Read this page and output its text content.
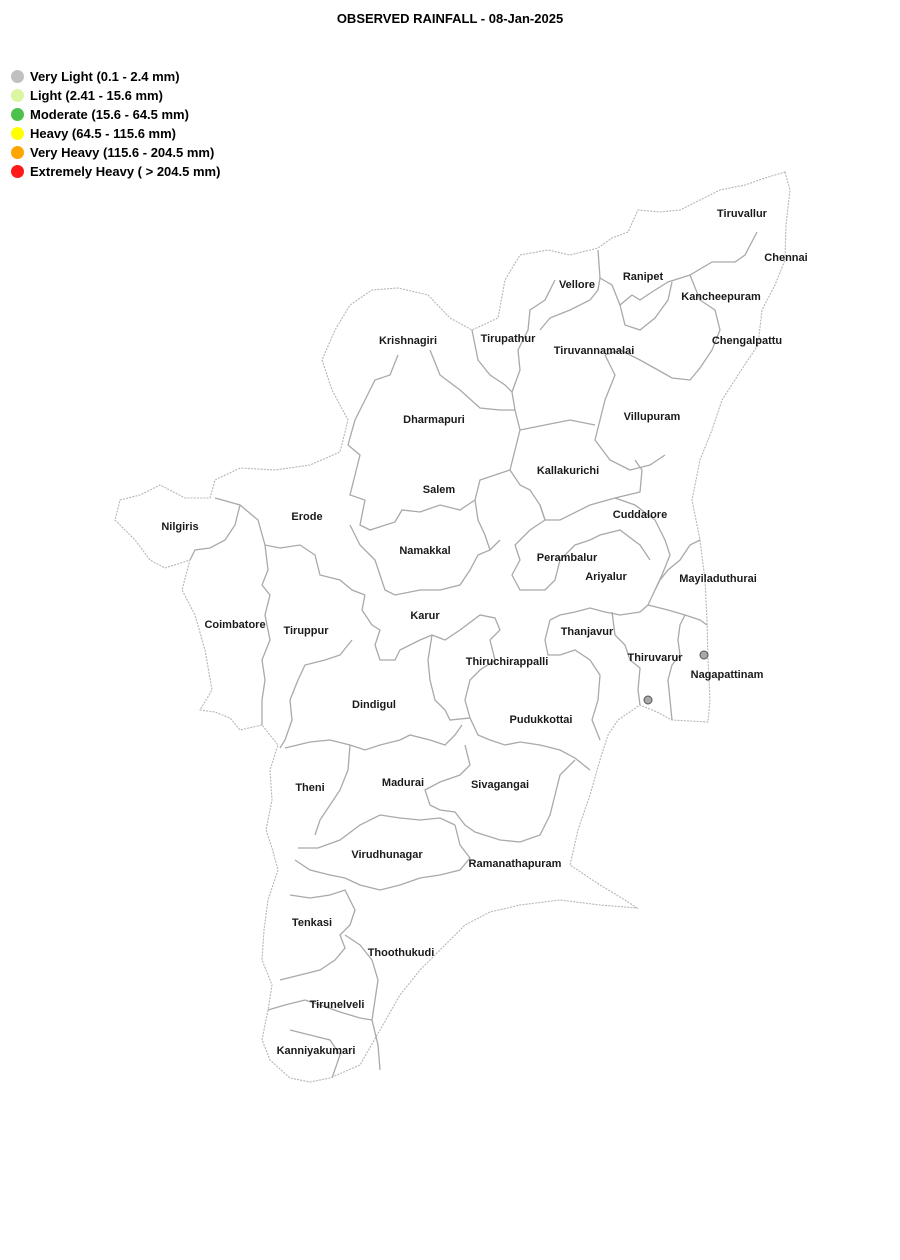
OBSERVED RAINFALL - 08-Jan-2025
Very Light (0.1 - 2.4 mm)
Light (2.41 - 15.6 mm)
Moderate (15.6 - 64.5 mm)
Heavy (64.5 - 115.6 mm)
Very Heavy (115.6 - 204.5 mm)
Extremely Heavy ( > 204.5 mm)
Tiruvallur
Chennai
Ranipet
Vellore
Kancheepuram
Krishnagiri	Tirupathur	Chengalpattu
Tiruvannamalai
Dharmapuri	Villupuram
Kallakurichi
Salem
Erode	Cuddalore
Nilgiris
Namakkal
Perambalur
Ariyalur	Mayiladuthurai
Karur
Coimbatore Tiruppur	Thanjavur
Thiruvarur
Thiruchirappalli
Nagapattinam
Dindigul
Pudukkottai
Madurai
Theni	Sivagangai
Virudhunagar
Ramanathapuram
Tenkasi
Thoothukudi
Tirunelveli
Kanniyakumari
